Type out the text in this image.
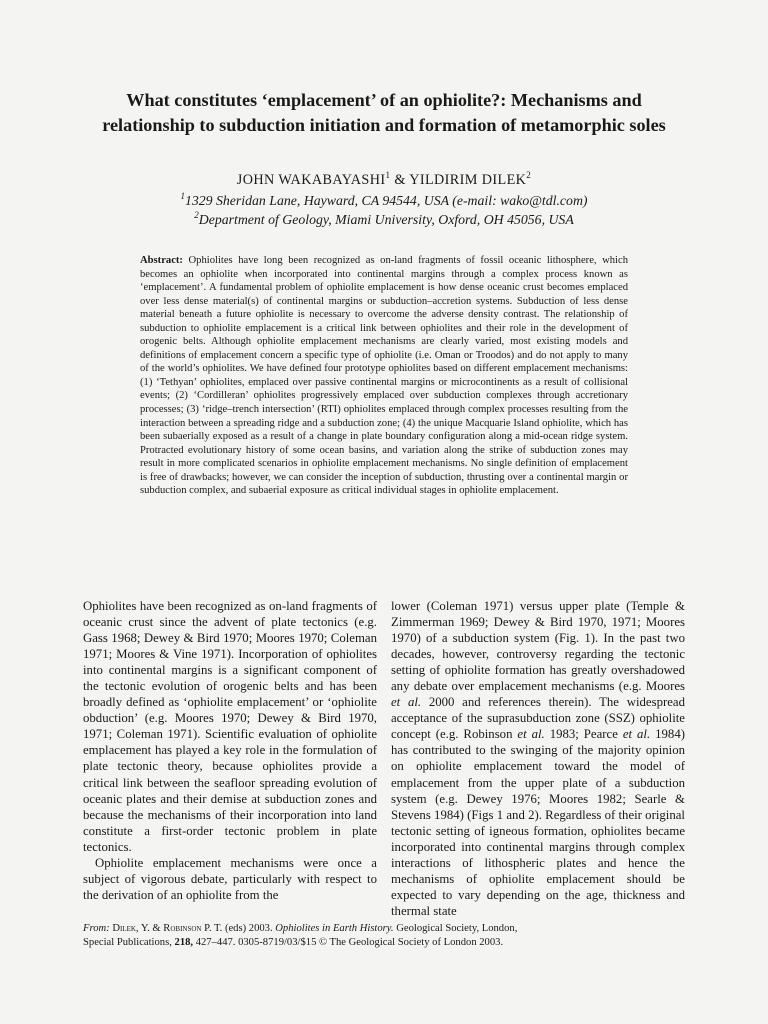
What constitutes ‘emplacement’ of an ophiolite?: Mechanisms and relationship to subduction initiation and formation of metamorphic soles
JOHN WAKABAYASHI$^1$ & YILDIRIM DILEK$^2$
$^1$1329 Sheridan Lane, Hayward, CA 94544, USA (e-mail: wako@tdl.com)
$^2$Department of Geology, Miami University, Oxford, OH 45056, USA
Abstract: Ophiolites have long been recognized as on-land fragments of fossil oceanic lithosphere, which becomes an ophiolite when incorporated into continental margins through a complex process known as ‘emplacement’. A fundamental problem of ophiolite emplacement is how dense oceanic crust becomes emplaced over less dense material(s) of continental margins or subduction–accretion systems. Subduction of less dense material beneath a future ophiolite is necessary to overcome the adverse density contrast. The relationship of subduction to ophiolite emplacement is a critical link between ophiolites and their role in the development of orogenic belts. Although ophiolite emplacement mechanisms are clearly varied, most existing models and definitions of emplacement concern a specific type of ophiolite (i.e. Oman or Troodos) and do not apply to many of the world’s ophiolites. We have defined four prototype ophiolites based on different emplacement mechanisms: (1) ‘Tethyan’ ophiolites, emplaced over passive continental margins or microcontinents as a result of collisional events; (2) ‘Cordilleran’ ophiolites progressively emplaced over subduction complexes through accretionary processes; (3) ‘ridge–trench intersection’ (RTI) ophiolites emplaced through complex processes resulting from the interaction between a spreading ridge and a subduction zone; (4) the unique Macquarie Island ophiolite, which has been subaerially exposed as a result of a change in plate boundary configuration along a mid-ocean ridge system. Protracted evolutionary history of some ocean basins, and variation along the strike of subduction zones may result in more complicated scenarios in ophiolite emplacement mechanisms. No single definition of emplacement is free of drawbacks; however, we can consider the inception of subduction, thrusting over a continental margin or subduction complex, and subaerial exposure as critical individual stages in ophiolite emplacement.

Ophiolites have been recognized as on-land fragments of oceanic crust since the advent of plate tectonics (e.g. Gass 1968; Dewey & Bird 1970; Moores 1970; Coleman 1971; Moores & Vine 1971). Incorporation of ophiolites into continental margins is a significant component of the tectonic evolution of orogenic belts and has been broadly defined as ‘ophiolite emplacement’ or ‘ophiolite obduction’ (e.g. Moores 1970; Dewey & Bird 1970, 1971; Coleman 1971). Scientific evaluation of ophiolite emplacement has played a key role in the formulation of plate tectonic theory, because ophiolites provide a critical link between the seafloor spreading evolution of oceanic plates and their demise at subduction zones and because the mechanisms of their incorporation into land constitute a first-order tectonic problem in plate tectonics.

Ophiolite emplacement mechanisms were once a subject of vigorous debate, particularly with respect to the derivation of an ophiolite from the

lower (Coleman 1971) versus upper plate (Temple & Zimmerman 1969; Dewey & Bird 1970, 1971; Moores 1970) of a subduction system (Fig. 1). In the past two decades, however, controversy regarding the tectonic setting of ophiolite formation has greatly overshadowed any debate over emplacement mechanisms (e.g. Moores et al. 2000 and references therein). The widespread acceptance of the suprasubduction zone (SSZ) ophiolite concept (e.g. Robinson et al. 1983; Pearce et al. 1984) has contributed to the swinging of the majority opinion on ophiolite emplacement toward the model of emplacement from the upper plate of a subduction system (e.g. Dewey 1976; Moores 1982; Searle & Stevens 1984) (Figs 1 and 2). Regardless of their original tectonic setting of igneous formation, ophiolites became incorporated into continental margins through complex interactions of lithospheric plates and hence the mechanisms of ophiolite emplacement should be expected to vary depending on the age, thickness and thermal state

From: Dilek, Y. & Robinson P. T. (eds) 2003. Ophiolites in Earth History. Geological Society, London,
Special Publications, 218, 427–447. 0305-8719/03/$15 © The Geological Society of London 2003.
